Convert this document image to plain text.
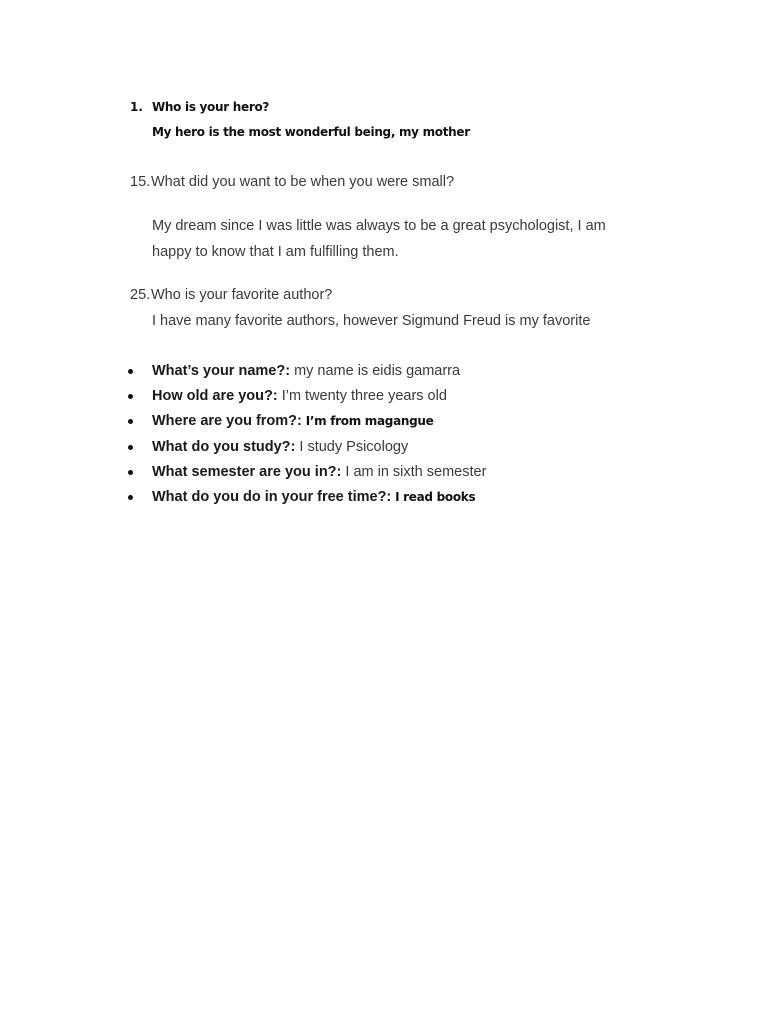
1. Who is your hero?
My hero is the most wonderful being, my mother
15. What did you want to be when you were small?
My dream since I was little was always to be a great psychologist, I am happy to know that I am fulfilling them.
25. Who is your favorite author?
I have many favorite authors, however Sigmund Freud is my favorite
What’s your name?: my name is eidis gamarra
How old are you?: I’m twenty three years old
Where are you from?: I’m from magangue
What do you study?: I study Psicology
What semester are you in?: I am in sixth semester
What do you do in your free time?: I read books
